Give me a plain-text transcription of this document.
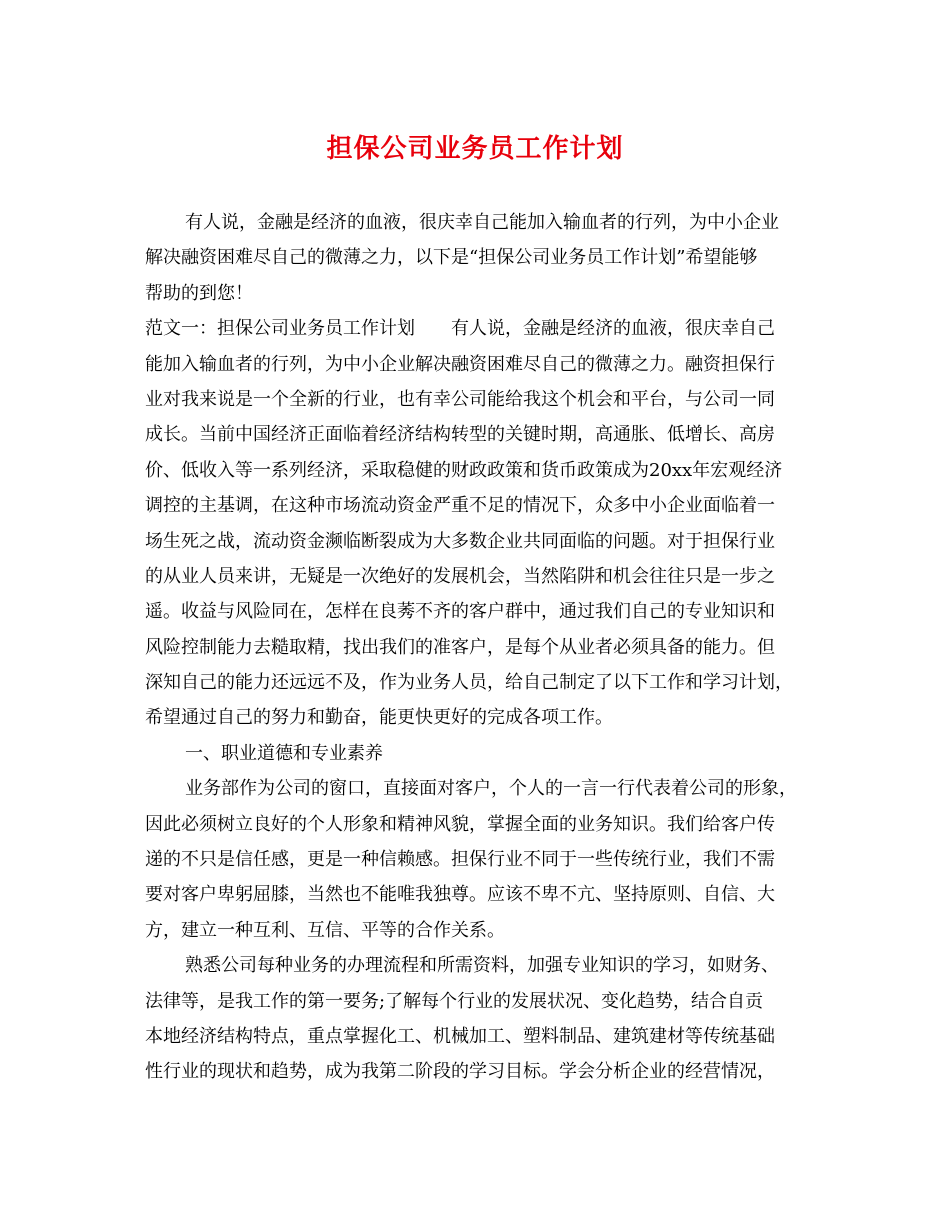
担保公司业务员工作计划
有人说，金融是经济的血液，很庆幸自己能加入输血者的行列，为中小企业
解决融资困难尽自己的微薄之力，以下是“担保公司业务员工作计划”希望能够
帮助的到您！
范文一：担保公司业务员工作计划　　有人说，金融是经济的血液，很庆幸自己
能加入输血者的行列，为中小企业解决融资困难尽自己的微薄之力。融资担保行
业对我来说是一个全新的行业，也有幸公司能给我这个机会和平台，与公司一同
成长。当前中国经济正面临着经济结构转型的关键时期，高通胀、低增长、高房
价、低收入等一系列经济，采取稳健的财政政策和货币政策成为20xx年宏观经济
调控的主基调，在这种市场流动资金严重不足的情况下，众多中小企业面临着一
场生死之战，流动资金濒临断裂成为大多数企业共同面临的问题。对于担保行业
的从业人员来讲，无疑是一次绝好的发展机会，当然陷阱和机会往往只是一步之
遥。收益与风险同在，怎样在良莠不齐的客户群中，通过我们自己的专业知识和
风险控制能力去糙取精，找出我们的准客户，是每个从业者必须具备的能力。但
深知自己的能力还远远不及，作为业务人员，给自己制定了以下工作和学习计划，
希望通过自己的努力和勤奋，能更快更好的完成各项工作。
一、职业道德和专业素养
业务部作为公司的窗口，直接面对客户，个人的一言一行代表着公司的形象，
因此必须树立良好的个人形象和精神风貌，掌握全面的业务知识。我们给客户传
递的不只是信任感，更是一种信赖感。担保行业不同于一些传统行业，我们不需
要对客户卑躬屈膝，当然也不能唯我独尊。应该不卑不亢、坚持原则、自信、大
方，建立一种互利、互信、平等的合作关系。
熟悉公司每种业务的办理流程和所需资料，加强专业知识的学习，如财务、
法律等，是我工作的第一要务;了解每个行业的发展状况、变化趋势，结合自贡
本地经济结构特点，重点掌握化工、机械加工、塑料制品、建筑建材等传统基础
性行业的现状和趋势，成为我第二阶段的学习目标。学会分析企业的经营情况，
